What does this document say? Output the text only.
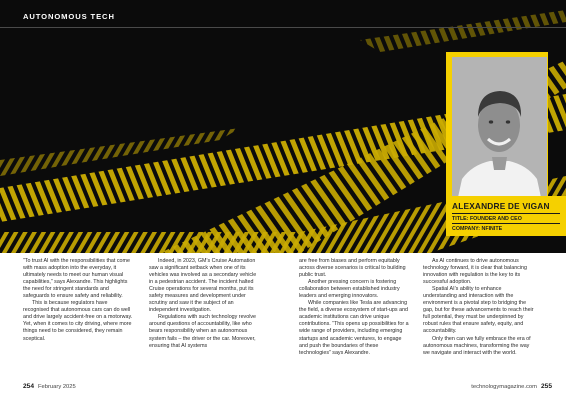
AUTONOMOUS TECH
ALEXANDRE DE VIGAN
TITLE: FOUNDER AND CEO
COMPANY: NFINITE

“To trust AI with the responsibilities that come with mass adoption into the everyday, it ultimately needs to meet our human visual capabilities,” says Alexandre. This highlights the need for stringent standards and safeguards to ensure safety and reliability.

This is because regulators have recognised that autonomous cars can do well and drive largely accident-free on a motorway. Yet, when it comes to city driving, where more things need to be considered, they remain sceptical.

Indeed, in 2023, GM’s Cruise Automation saw a significant setback when one of its vehicles was involved as a secondary vehicle in a pedestrian accident. The incident halted Cruise operations for several months, put its safety measures and development under scrutiny and saw it the subject of an independent investigation.

Regulations with such technology revolve around questions of accountability, like who bears responsibility when an autonomous system fails – the driver or the car. Moreover, ensuring that AI systems

are free from biases and perform equitably across diverse scenarios is critical to building public trust.

Another pressing concern is fostering collaboration between established industry leaders and emerging innovators.

While companies like Tesla are advancing the field, a diverse ecosystem of start-ups and academic institutions can drive unique contributions. “This opens up possibilities for a wide range of providers, including emerging startups and academic ventures, to engage and push the boundaries of these technologies” says Alexandre.

As AI continues to drive autonomous technology forward, it is clear that balancing innovation with regulation is the key to its successful adoption.

Spatial AI’s ability to enhance understanding and interaction with the environment is a pivotal step to bridging the gap, but for these advancements to reach their full potential, they must be underpinned by robust rules that ensure safety, equity, and accountability.

Only then can we fully embrace the era of autonomous machines, transforming the way we navigate and interact with the world.

254 February 2025	technologymagazine.com 255
